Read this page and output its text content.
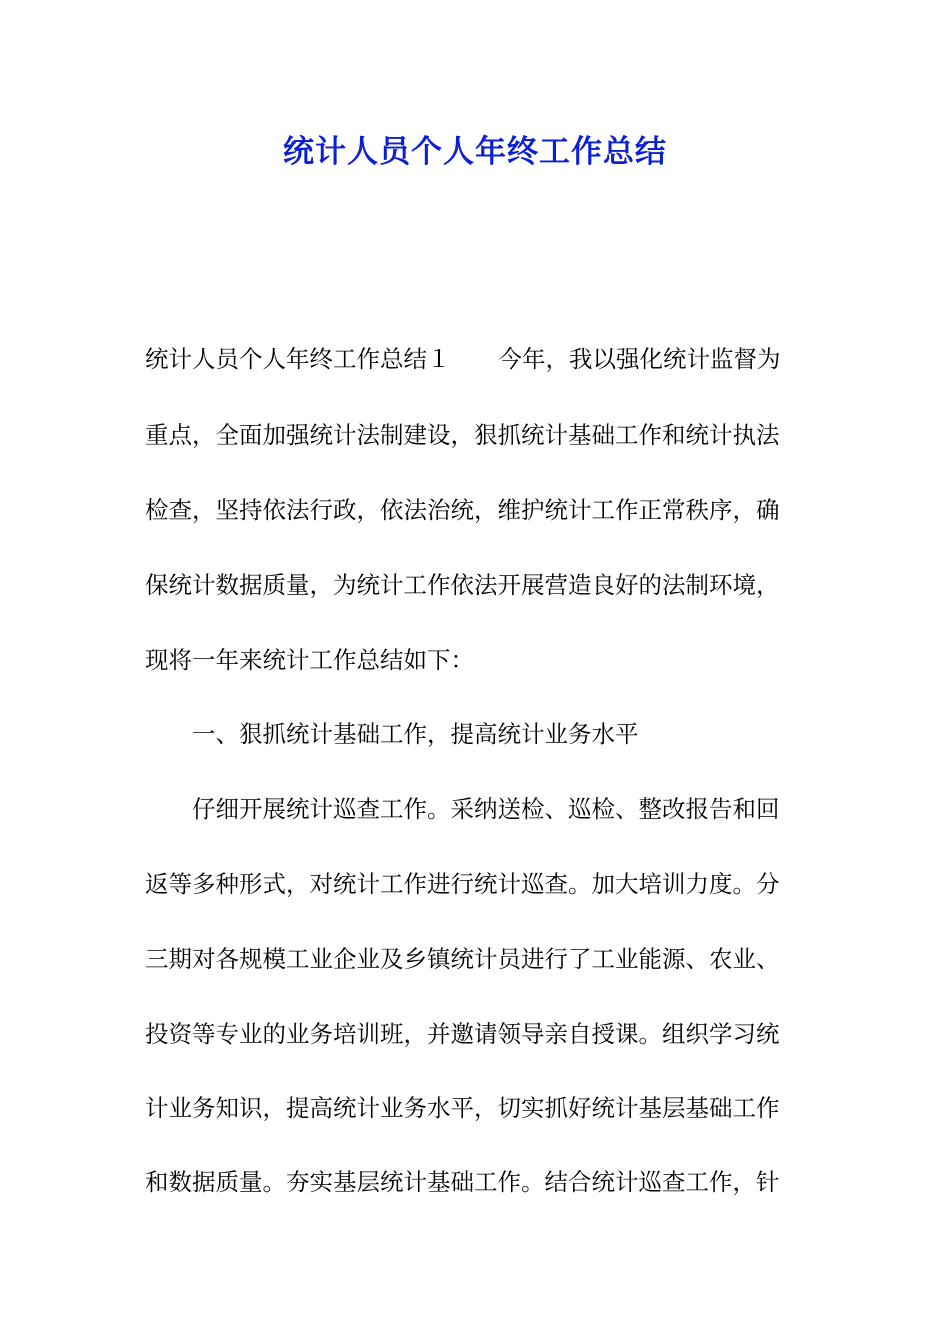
统计人员个人年终工作总结
统计人员个人年终工作总结１ 今年，我以强化统计监督为
重点，全面加强统计法制建设，狠抓统计基础工作和统计执法
检查，坚持依法行政，依法治统，维护统计工作正常秩序，确
保统计数据质量，为统计工作依法开展营造良好的法制环境，
现将一年来统计工作总结如下：
一、狠抓统计基础工作，提高统计业务水平
仔细开展统计巡查工作。采纳送检、巡检、整改报告和回
返等多种形式，对统计工作进行统计巡查。加大培训力度。分
三期对各规模工业企业及乡镇统计员进行了工业能源、农业、
投资等专业的业务培训班，并邀请领导亲自授课。组织学习统
计业务知识，提高统计业务水平，切实抓好统计基层基础工作
和数据质量。夯实基层统计基础工作。结合统计巡查工作，针
